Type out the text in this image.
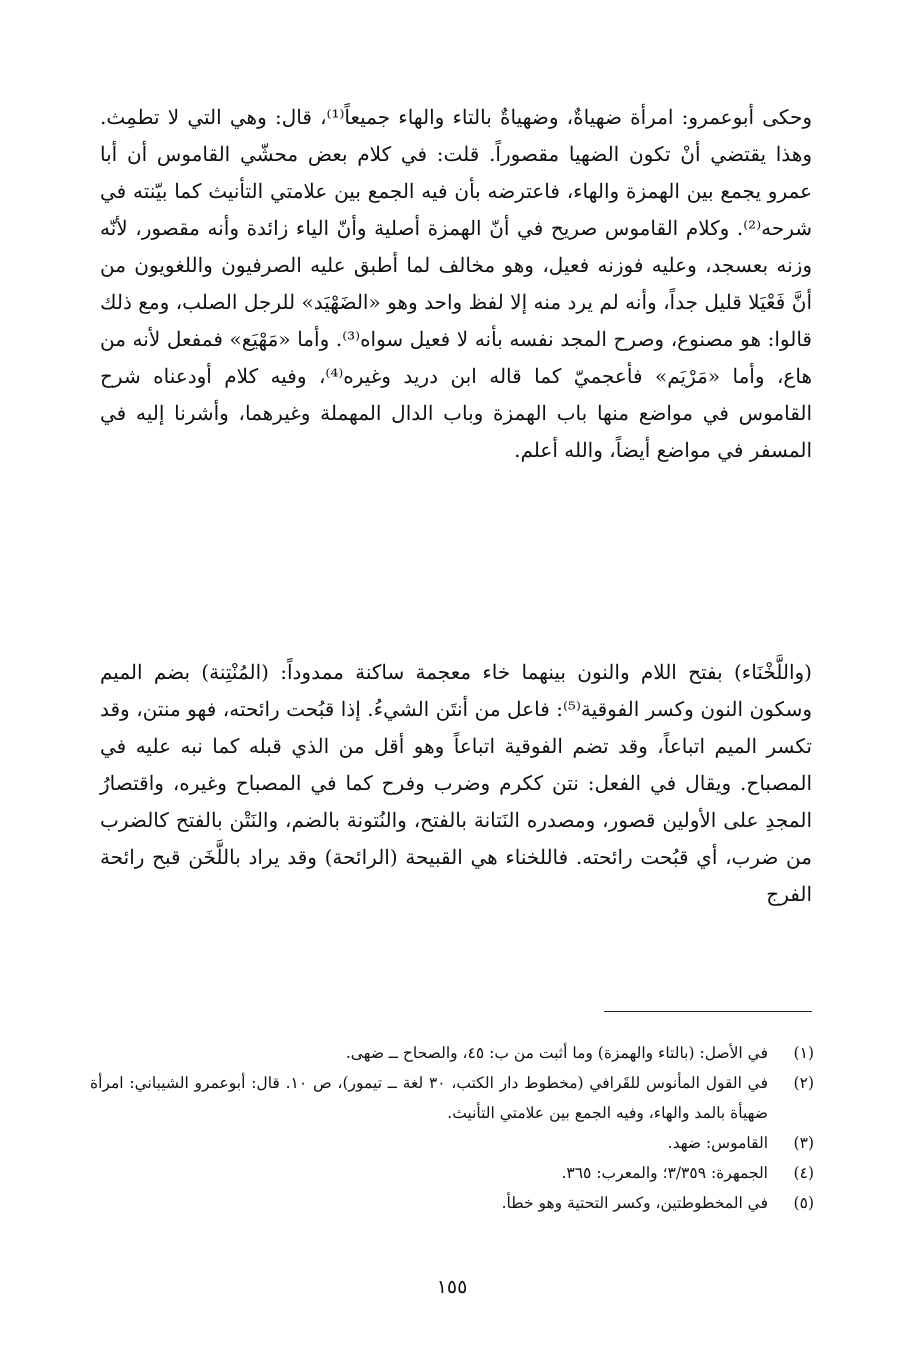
وحكى أبوعمرو: امرأة ضهياةٌ، وضهياةٌ بالتاء والهاء جميعاً⁽¹⁾، قال: وهي التي لا تطمِث. وهذا يقتضي أنْ تكون الضهيا مقصوراً. قلت: في كلام بعض محشّي القاموس أن أبا عمرو يجمع بين الهمزة والهاء، فاعترضه بأن فيه الجمع بين علامتي التأنيث كما بيّنته في شرحه⁽²⁾. وكلام القاموس صريح في أنّ الهمزة أصلية وأنّ الياء زائدة وأنه مقصور، لأنّه وزنه بعسجد، وعليه فوزنه فعيل، وهو مخالف لما أطبق عليه الصرفيون واللغويون من أنَّ فَعْيَلا قليل جداً، وأنه لم يرد منه إلا لفظ واحد وهو «الضَهْيَد» للرجل الصلب، ومع ذلك قالوا: هو مصنوع، وصرح المجد نفسه بأنه لا فعيل سواه⁽³⁾. وأما «مَهْيَع» فمفعل لأنه من هاع، وأما «مَرْيَم» فأعجميّ كما قاله ابن دريد وغيره⁽⁴⁾، وفيه كلام أودعناه شرح القاموس في مواضع منها باب الهمزة وباب الدال المهملة وغيرهما، وأشرنا إليه في المسفر في مواضع أيضاً، والله أعلم.

(واللَّخْنَاء) بفتح اللام والنون بينهما خاء معجمة ساكنة ممدوداً: (المُنْتِنة) بضم الميم وسكون النون وكسر الفوقية⁽⁵⁾: فاعل من أنتَن الشيءُ. إذا قبُحت رائحته، فهو منتن، وقد تكسر الميم اتباعاً، وقد تضم الفوقية اتباعاً وهو أقل من الذي قبله كما نبه عليه في المصباح. ويقال في الفعل: نتن ككرم وضرب وفرح كما في المصباح وغيره، واقتصارُ المجدِ على الأولين قصور، ومصدره النَتانة بالفتح، والنُتونة بالضم، والنَتْن بالفتح كالضرب من ضرب، أي قبُحت رائحته. فاللخناء هي القبيحة (الرائحة) وقد يراد باللَّخَن قبح رائحة الفرج

(١)
في الأصل: (بالتاء والهمزة) وما أثبت من ب: ٤٥، والصحاح ــ ضهى.
(٢)
في القول المأنوس للقَرافي (مخطوط دار الكتب، ٣٠ لغة ــ تيمور)، ص ١٠. قال: أبوعمرو الشيباني: امرأة ضهيأة بالمد والهاء، وفيه الجمع بين علامتي التأنيث.
(٣)
القاموس: ضهد.
(٤)
الجمهرة: ٣/٣٥٩؛ والمعرب: ٣٦٥.
(٥)
في المخطوطتين، وكسر التحتية وهو خطأ.
١٥٥
